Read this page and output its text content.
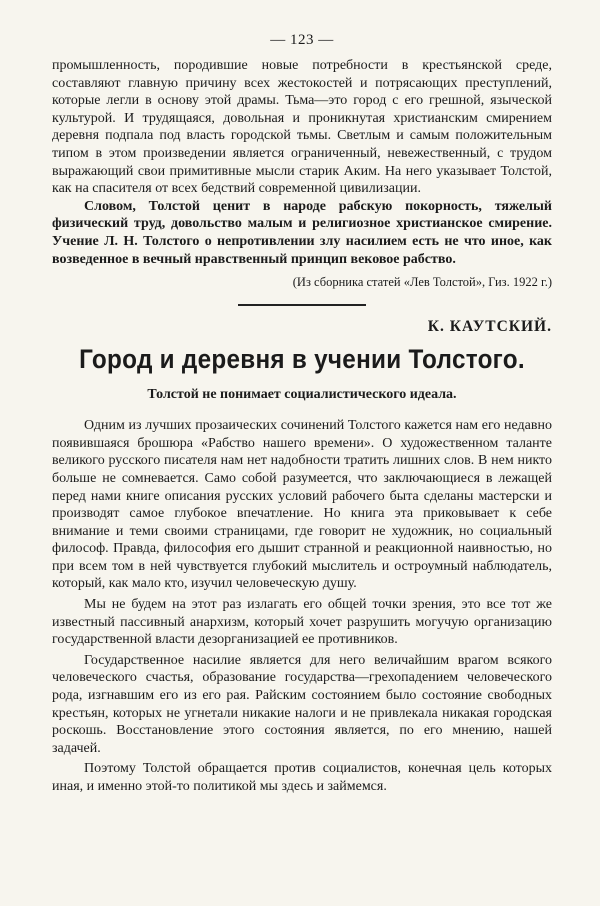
— 123 —

промышленность, породившие новые потребности в крестьянской среде, составляют главную причину всех жестокостей и потрясающих преступлений, которые легли в основу этой драмы. Тьма—это город с его грешной, языческой культурой. И трудящаяся, довольная и проникнутая христианским смирением деревня подпала под власть городской тьмы. Светлым и самым положительным типом в этом произведении является ограниченный, невежественный, с трудом выражающий свои примитивные мысли старик Аким. На него указывает Толстой, как на спасителя от всех бедствий современной цивилизации.

Словом, Толстой ценит в народе рабскую покорность, тяжелый физический труд, довольство малым и религиозное христианское смирение. Учение Л. Н. Толстого о непротивлении злу насилием есть не что иное, как возведенное в вечный нравственный принцип вековое рабство.

(Из сборника статей «Лев Толстой», Гиз. 1922 г.)

К. КАУТСКИЙ.
Город и деревня в учении Толстого.
Толстой не понимает социалистического идеала.

Одним из лучших прозаических сочинений Толстого кажется нам его недавно появившаяся брошюра «Рабство нашего времени». О художественном таланте великого русского писателя нам нет надобности тратить лишних слов. В нем никто больше не сомневается. Само собой разумеется, что заключающиеся в лежащей перед нами книге описания русских условий рабочего быта сделаны мастерски и производят самое глубокое впечатление. Но книга эта приковывает к себе внимание и теми своими страницами, где говорит не художник, но социальный философ. Правда, философия его дышит странной и реакционной наивностью, но при всем том в ней чувствуется глубокий мыслитель и остроумный наблюдатель, который, как мало кто, изучил человеческую душу.

Мы не будем на этот раз излагать его общей точки зрения, это все тот же известный пассивный анархизм, который хочет разрушить могучую организацию государственной власти дезорганизацией ее противников.

Государственное насилие является для него величайшим врагом всякого человеческого счастья, образование государства—грехопадением человеческого рода, изгнавшим его из его рая. Райским состоянием было состояние свободных крестьян, которых не угнетали никакие налоги и не привлекала никакая городская роскошь. Восстановление этого состояния является, по его мнению, нашей задачей.

Поэтому Толстой обращается против социалистов, конечная цель которых иная, и именно этой-то политикой мы здесь и займемся.
